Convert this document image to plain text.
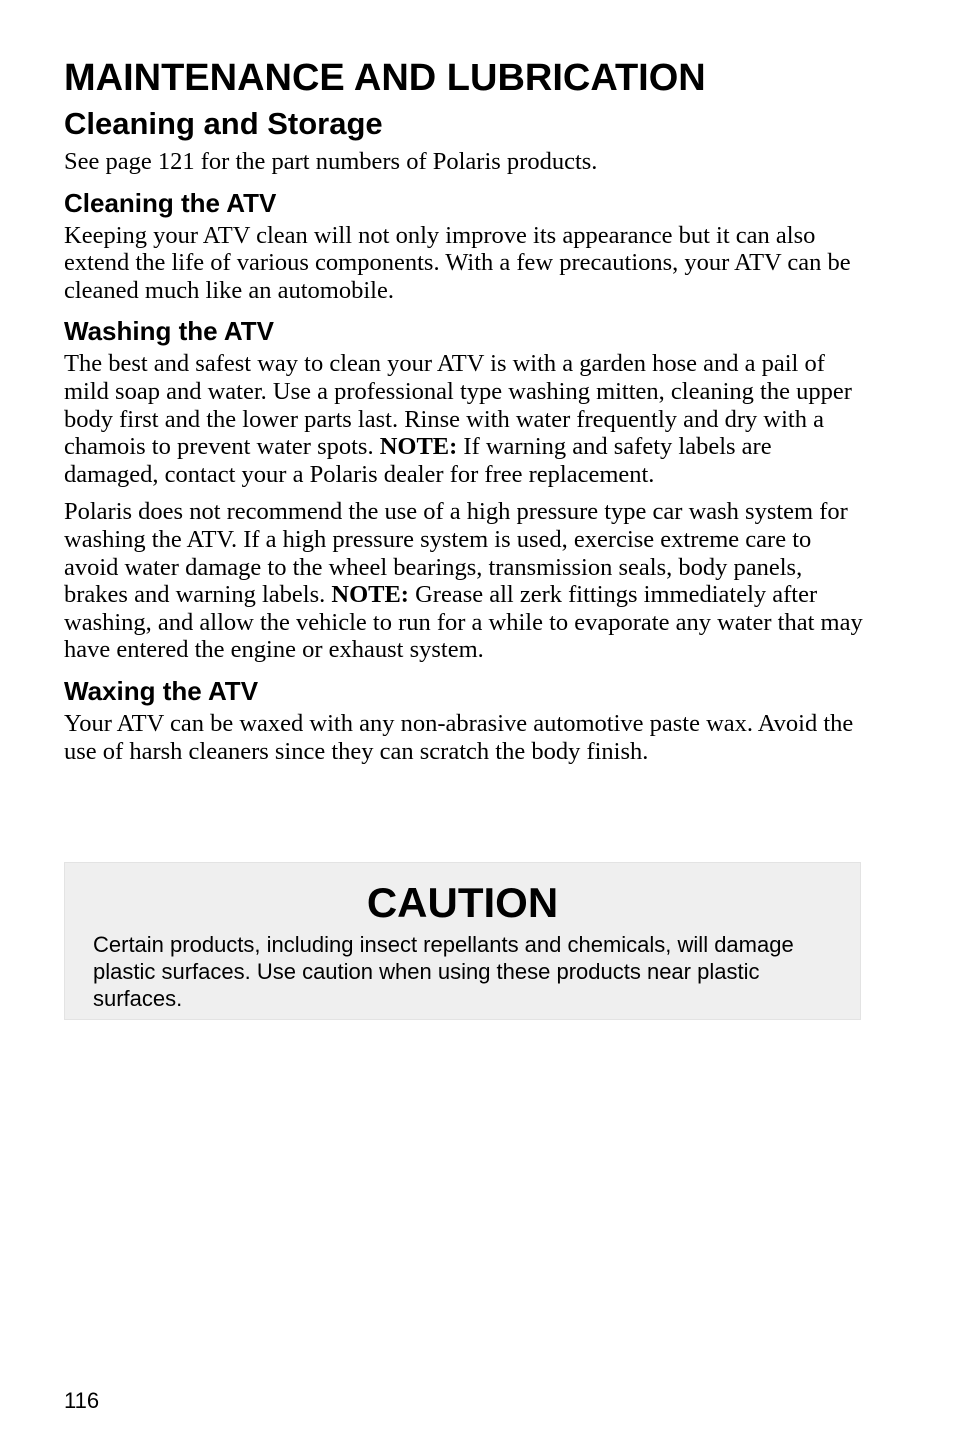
MAINTENANCE AND LUBRICATION
Cleaning and Storage

See page 121 for the part numbers of Polaris products.

Cleaning the ATV

Keeping your ATV clean will not only improve its appearance but it can also extend the life of various components. With a few precautions, your ATV can be cleaned much like an automobile.

Washing the ATV

The best and safest way to clean your ATV is with a garden hose and a pail of mild soap and water. Use a professional type washing mitten, cleaning the upper body first and the lower parts last. Rinse with water frequently and dry with a chamois to prevent water spots. NOTE: If warning and safety labels are damaged, contact your a Polaris dealer for free replacement.

Polaris does not recommend the use of a high pressure type car wash system for washing the ATV. If a high pressure system is used, exercise extreme care to avoid water damage to the wheel bearings, transmission seals, body panels, brakes and warning labels. NOTE: Grease all zerk fittings immediately after washing, and allow the vehicle to run for a while to evaporate any water that may have entered the engine or exhaust system.

Waxing the ATV

Your ATV can be waxed with any non-abrasive automotive paste wax. Avoid the use of harsh cleaners since they can scratch the body finish.

CAUTION
Certain products, including insect repellants and chemicals, will damage plastic surfaces. Use caution when using these products near plastic surfaces.
116
